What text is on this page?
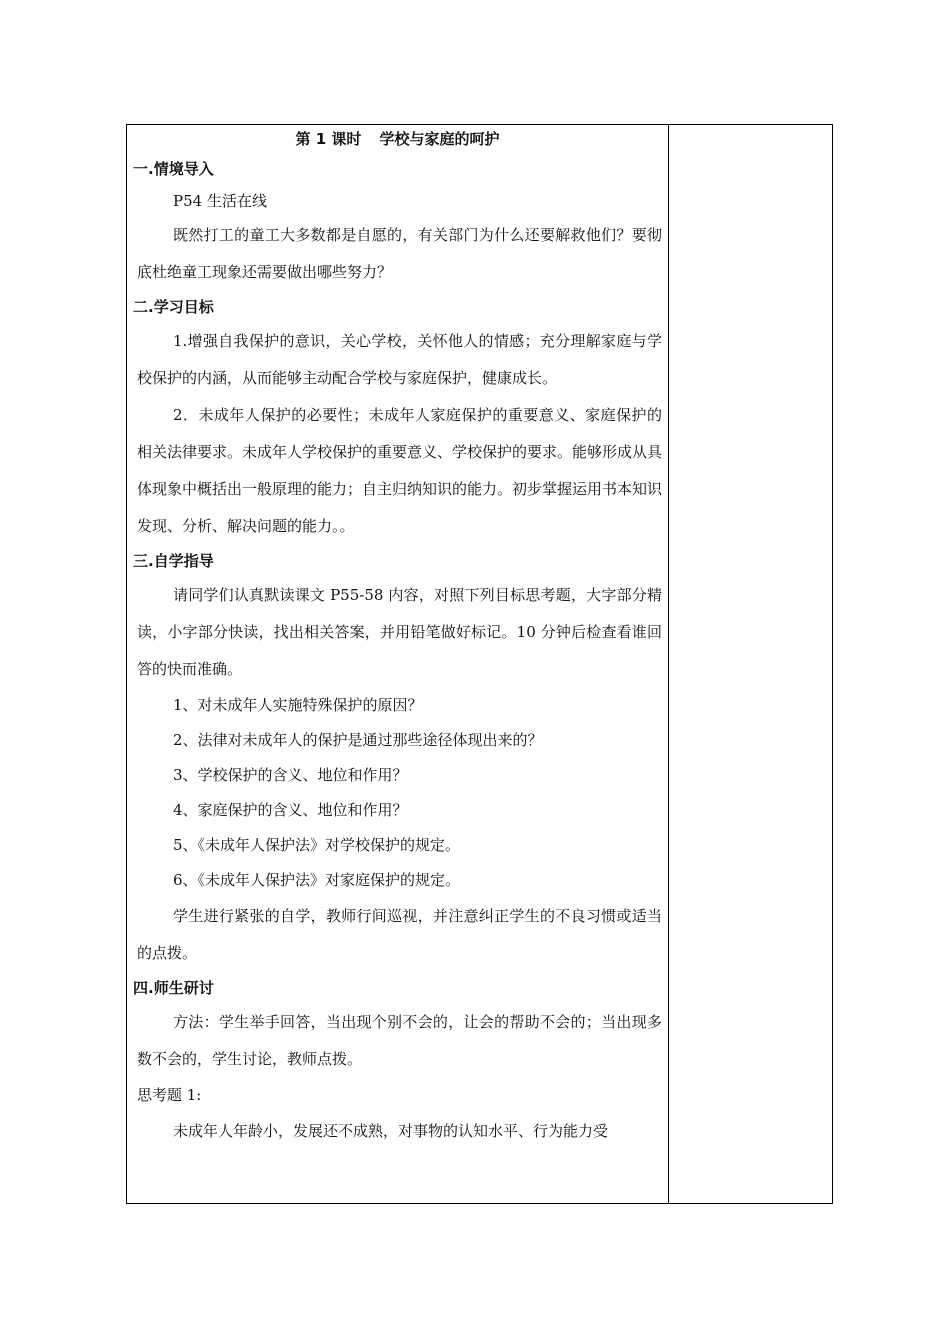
第 1 课时 学校与家庭的呵护
一.情境导入
P54 生活在线
既然打工的童工大多数都是自愿的，有关部门为什么还要解救他们？要彻底杜绝童工现象还需要做出哪些努力？
二.学习目标
1.增强自我保护的意识，关心学校，关怀他人的情感；充分理解家庭与学校保护的内涵，从而能够主动配合学校与家庭保护，健康成长。
2．未成年人保护的必要性；未成年人家庭保护的重要意义、家庭保护的相关法律要求。未成年人学校保护的重要意义、学校保护的要求。能够形成从具体现象中概括出一般原理的能力；自主归纳知识的能力。初步掌握运用书本知识发现、分析、解决问题的能力。。
三.自学指导
请同学们认真默读课文 P55-58 内容，对照下列目标思考题，大字部分精读，小字部分快读，找出相关答案，并用铅笔做好标记。10 分钟后检查看谁回答的快而准确。
1、对未成年人实施特殊保护的原因？
2、法律对未成年人的保护是通过那些途径体现出来的？
3、学校保护的含义、地位和作用？
4、家庭保护的含义、地位和作用？
5、《未成年人保护法》对学校保护的规定。
6、《未成年人保护法》对家庭保护的规定。
学生进行紧张的自学，教师行间巡视，并注意纠正学生的不良习惯或适当的点拨。
四.师生研讨
方法：学生举手回答，当出现个别不会的，让会的帮助不会的；当出现多数不会的，学生讨论，教师点拨。
思考题 1:
未成年人年龄小，发展还不成熟，对事物的认知水平、行为能力受
